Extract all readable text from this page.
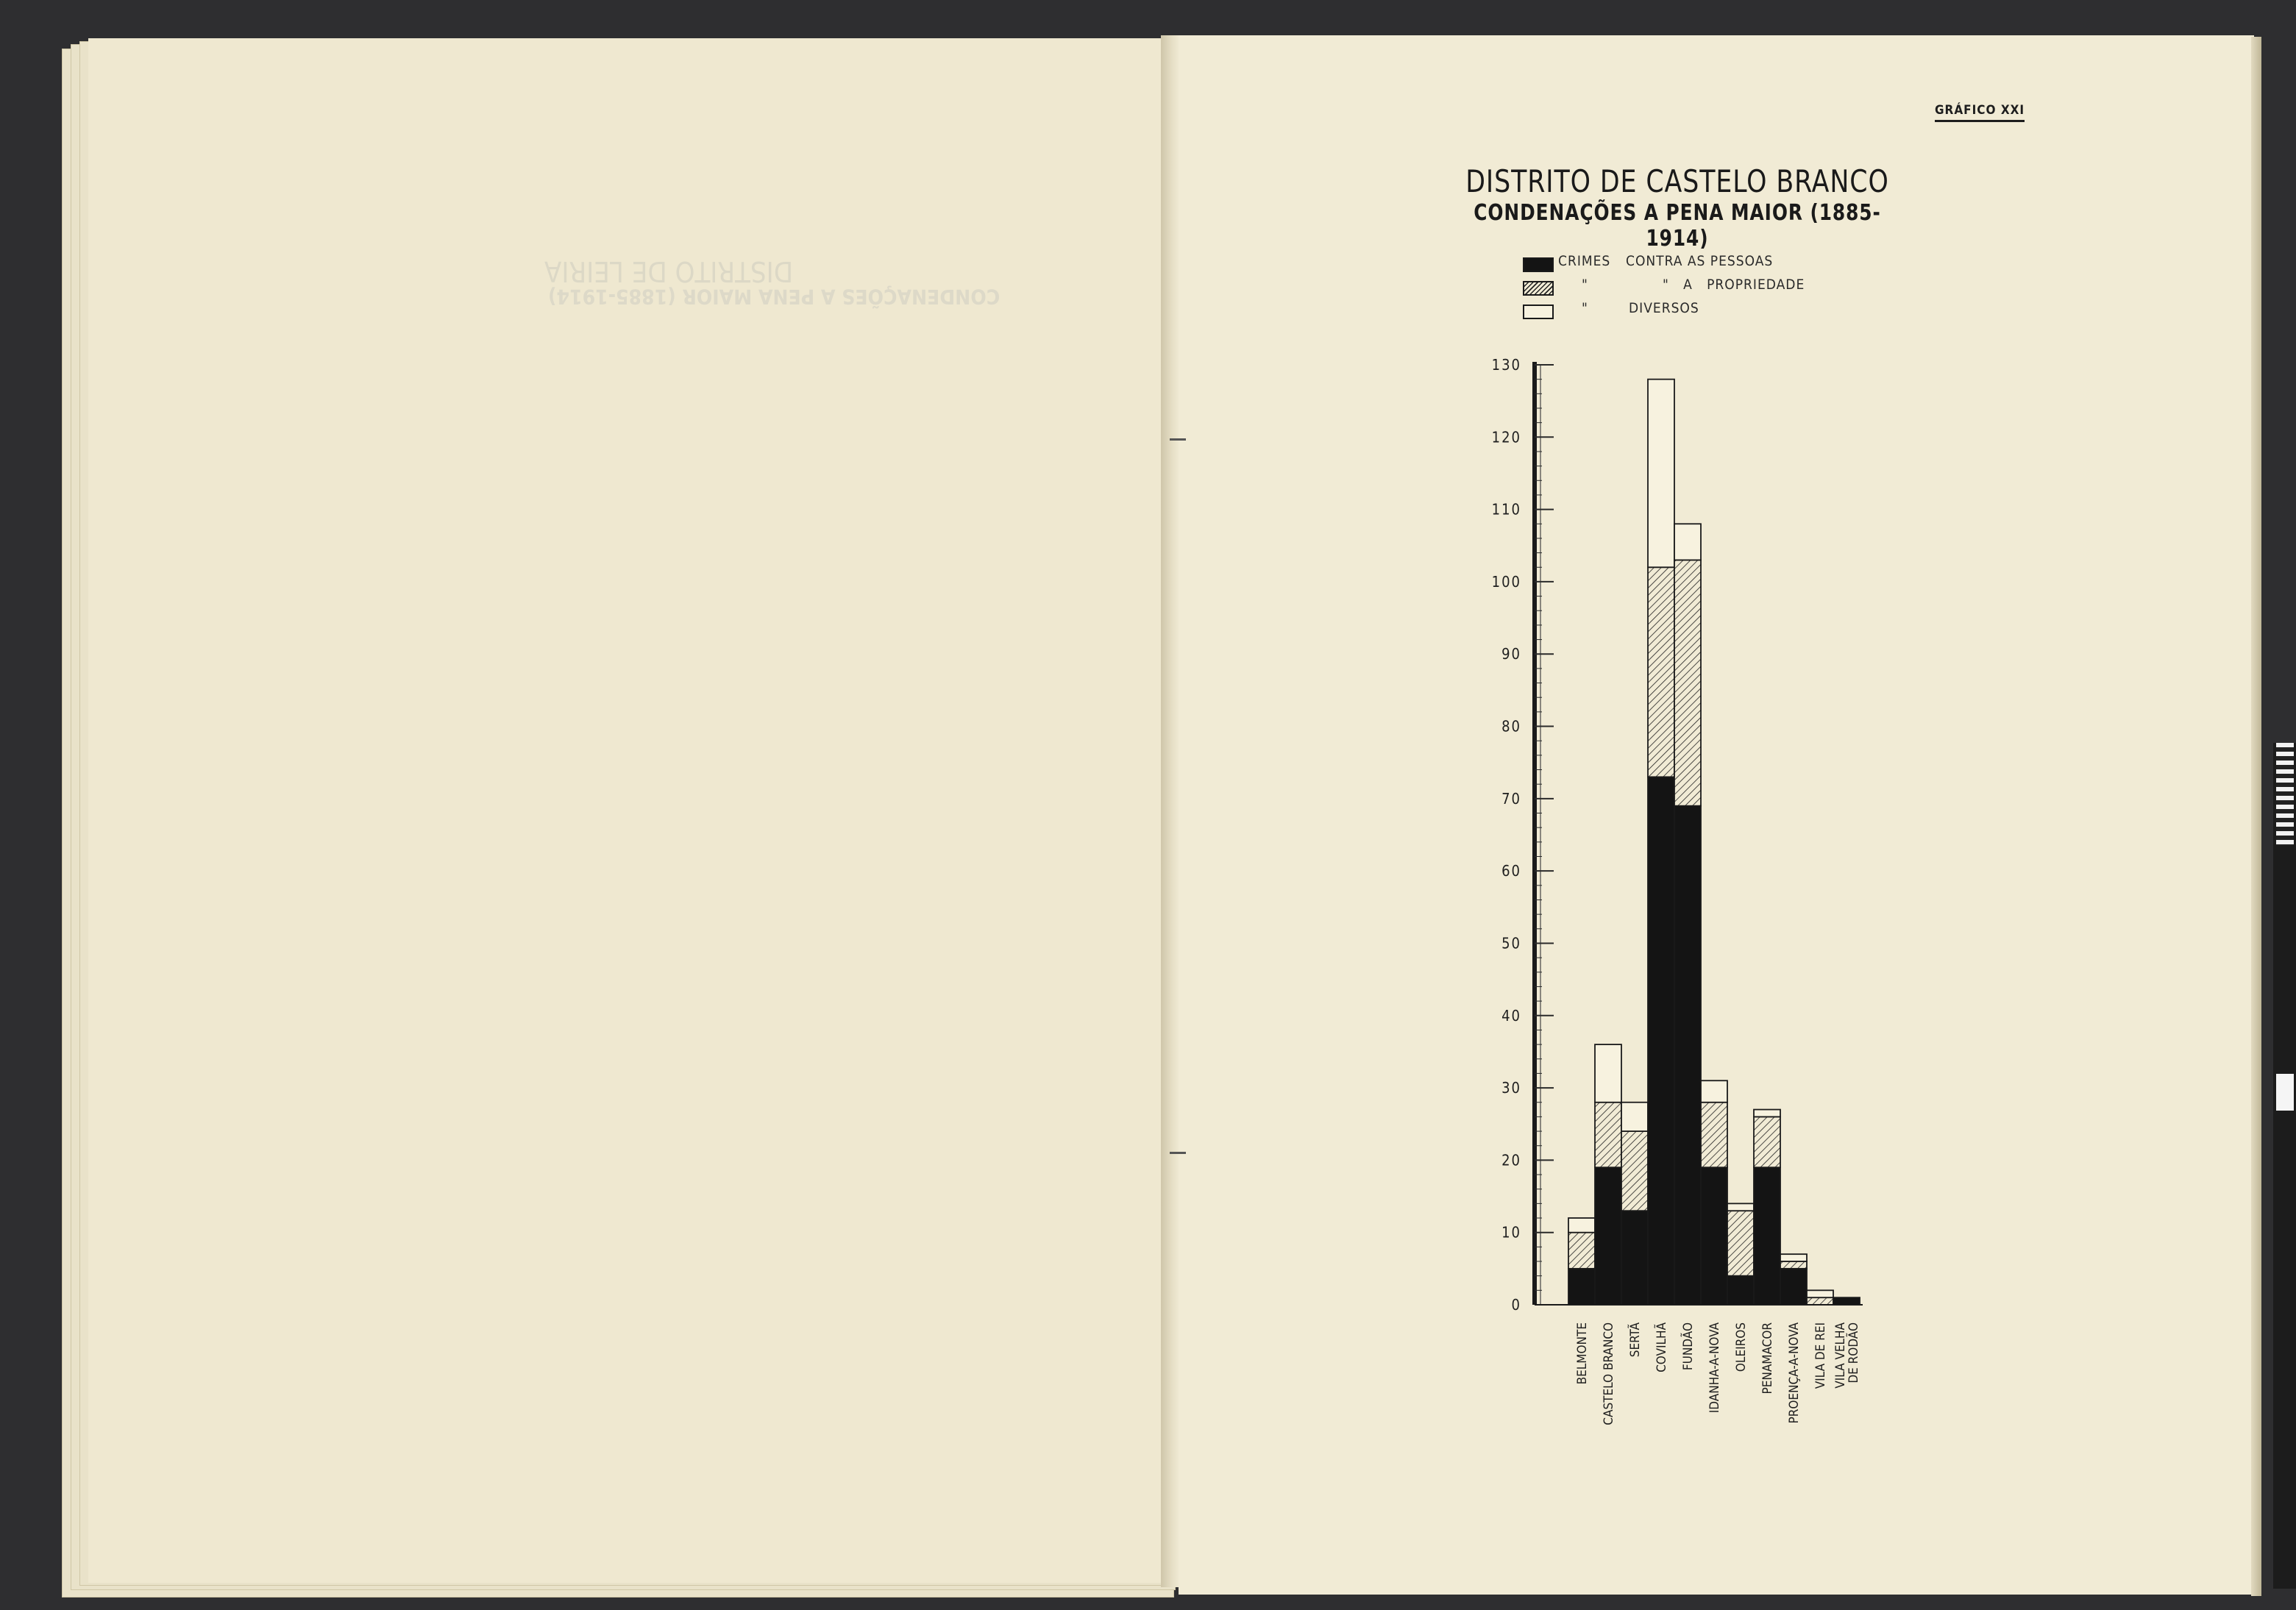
DISTRITO DE LEIRIA
CONDENAÇÕES A PENA MAIOR (1885-1914)
GRÁFICO XXI
DISTRITO DE CASTELO BRANCO
CONDENAÇÕES A PENA MAIOR (1885-1914)
CRIMES CONTRA AS PESSOAS
"	"   A   PROPRIEDADE
"	DIVERSOS
0
10
20
30
40
50
60
70
80
90
100
110
120
130
BELMONTE CASTELO BRANCO SERTÃ COVILHÃ FUNDÃO IDANHA-A-NOVA OLEIROS PENAMACOR PROENÇA-A-NOVA VILA DE REI VILA VELHA
DE RODÃO
